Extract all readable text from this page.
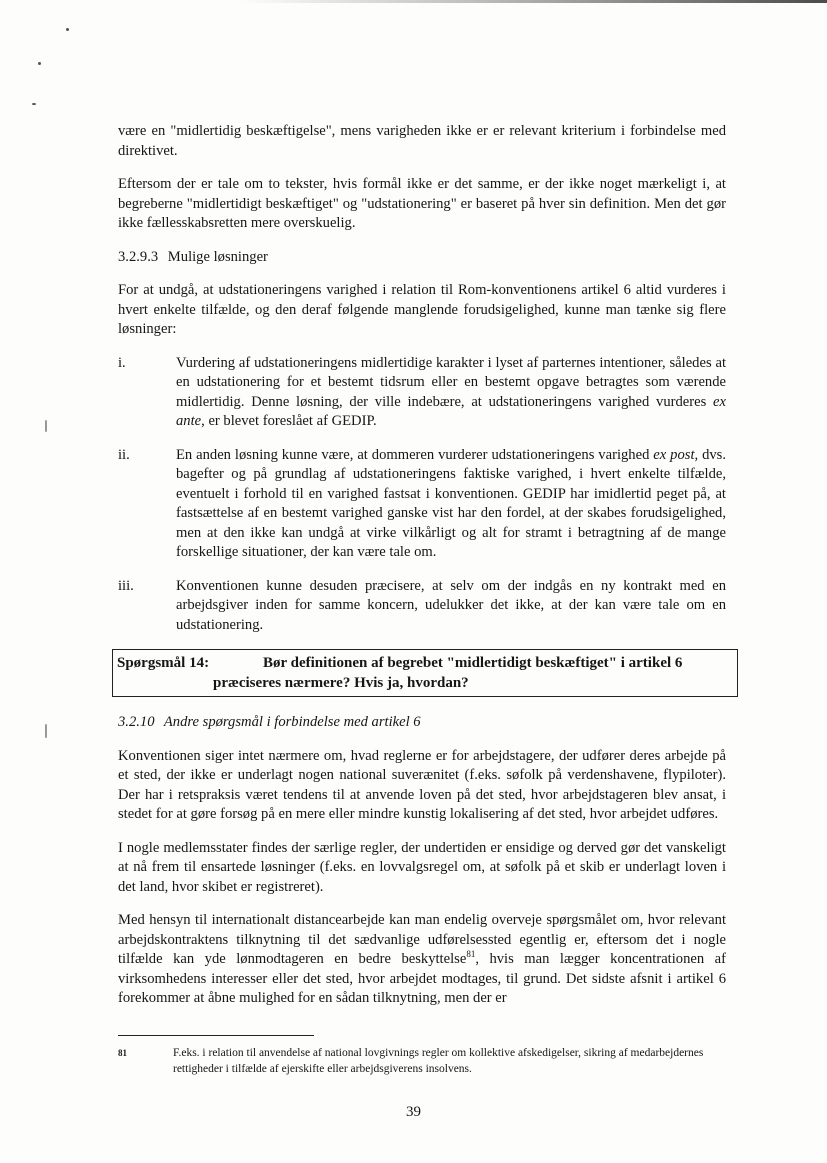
være en "midlertidig beskæftigelse", mens varigheden ikke er er relevant kriterium i forbindelse med direktivet.

Eftersom der er tale om to tekster, hvis formål ikke er det samme, er der ikke noget mærkeligt i, at begreberne "midlertidigt beskæftiget" og "udstationering" er baseret på hver sin definition. Men det gør ikke fællesskabsretten mere overskuelig.

3.2.9.3 Mulige løsninger

For at undgå, at udstationeringens varighed i relation til Rom-konventionens artikel 6 altid vurderes i hvert enkelte tilfælde, og den deraf følgende manglende forudsigelighed, kunne man tænke sig flere løsninger:

i.	Vurdering af udstationeringens midlertidige karakter i lyset af parternes intentioner, således at en udstationering for et bestemt tidsrum eller en bestemt opgave betragtes som værende midlertidig. Denne løsning, der ville indebære, at udstationeringens varighed vurderes ex ante, er blevet foreslået af GEDIP.
ii.	En anden løsning kunne være, at dommeren vurderer udstationeringens varighed ex post, dvs. bagefter og på grundlag af udstationeringens faktiske varighed, i hvert enkelte tilfælde, eventuelt i forhold til en varighed fastsat i konventionen. GEDIP har imidlertid peget på, at fastsættelse af en bestemt varighed ganske vist har den fordel, at der skabes forudsigelighed, men at den ikke kan undgå at virke vilkårligt og alt for stramt i betragtning af de mange forskellige situationer, der kan være tale om.
iii.	Konventionen kunne desuden præcisere, at selv om der indgås en ny kontrakt med en arbejdsgiver inden for samme koncern, udelukker det ikke, at der kan være tale om en udstationering.
Spørgsmål 14:	Bør definitionen af begrebet "midlertidigt beskæftiget" i artikel 6
præciseres nærmere? Hvis ja, hvordan?
3.2.10 Andre spørgsmål i forbindelse med artikel 6

Konventionen siger intet nærmere om, hvad reglerne er for arbejdstagere, der udfører deres arbejde på et sted, der ikke er underlagt nogen national suverænitet (f.eks. søfolk på verdenshavene, flypiloter). Der har i retspraksis været tendens til at anvende loven på det sted, hvor arbejdstageren blev ansat, i stedet for at gøre forsøg på en mere eller mindre kunstig lokalisering af det sted, hvor arbejdet udføres.

I nogle medlemsstater findes der særlige regler, der undertiden er ensidige og derved gør det vanskeligt at nå frem til ensartede løsninger (f.eks. en lovvalgsregel om, at søfolk på et skib er underlagt loven i det land, hvor skibet er registreret).

Med hensyn til internationalt distancearbejde kan man endelig overveje spørgsmålet om, hvor relevant arbejdskontraktens tilknytning til det sædvanlige udførelsessted egentlig er, eftersom det i nogle tilfælde kan yde lønmodtageren en bedre beskyttelse$^{81}$, hvis man lægger koncentrationen af virksomhedens interesser eller det sted, hvor arbejdet modtages, til grund. Det sidste afsnit i artikel 6 forekommer at åbne mulighed for en sådan tilknytning, men der er

81	F.eks. i relation til anvendelse af national lovgivnings regler om kollektive afskedigelser, sikring af medarbejdernes rettigheder i tilfælde af ejerskifte eller arbejdsgiverens insolvens.
39
